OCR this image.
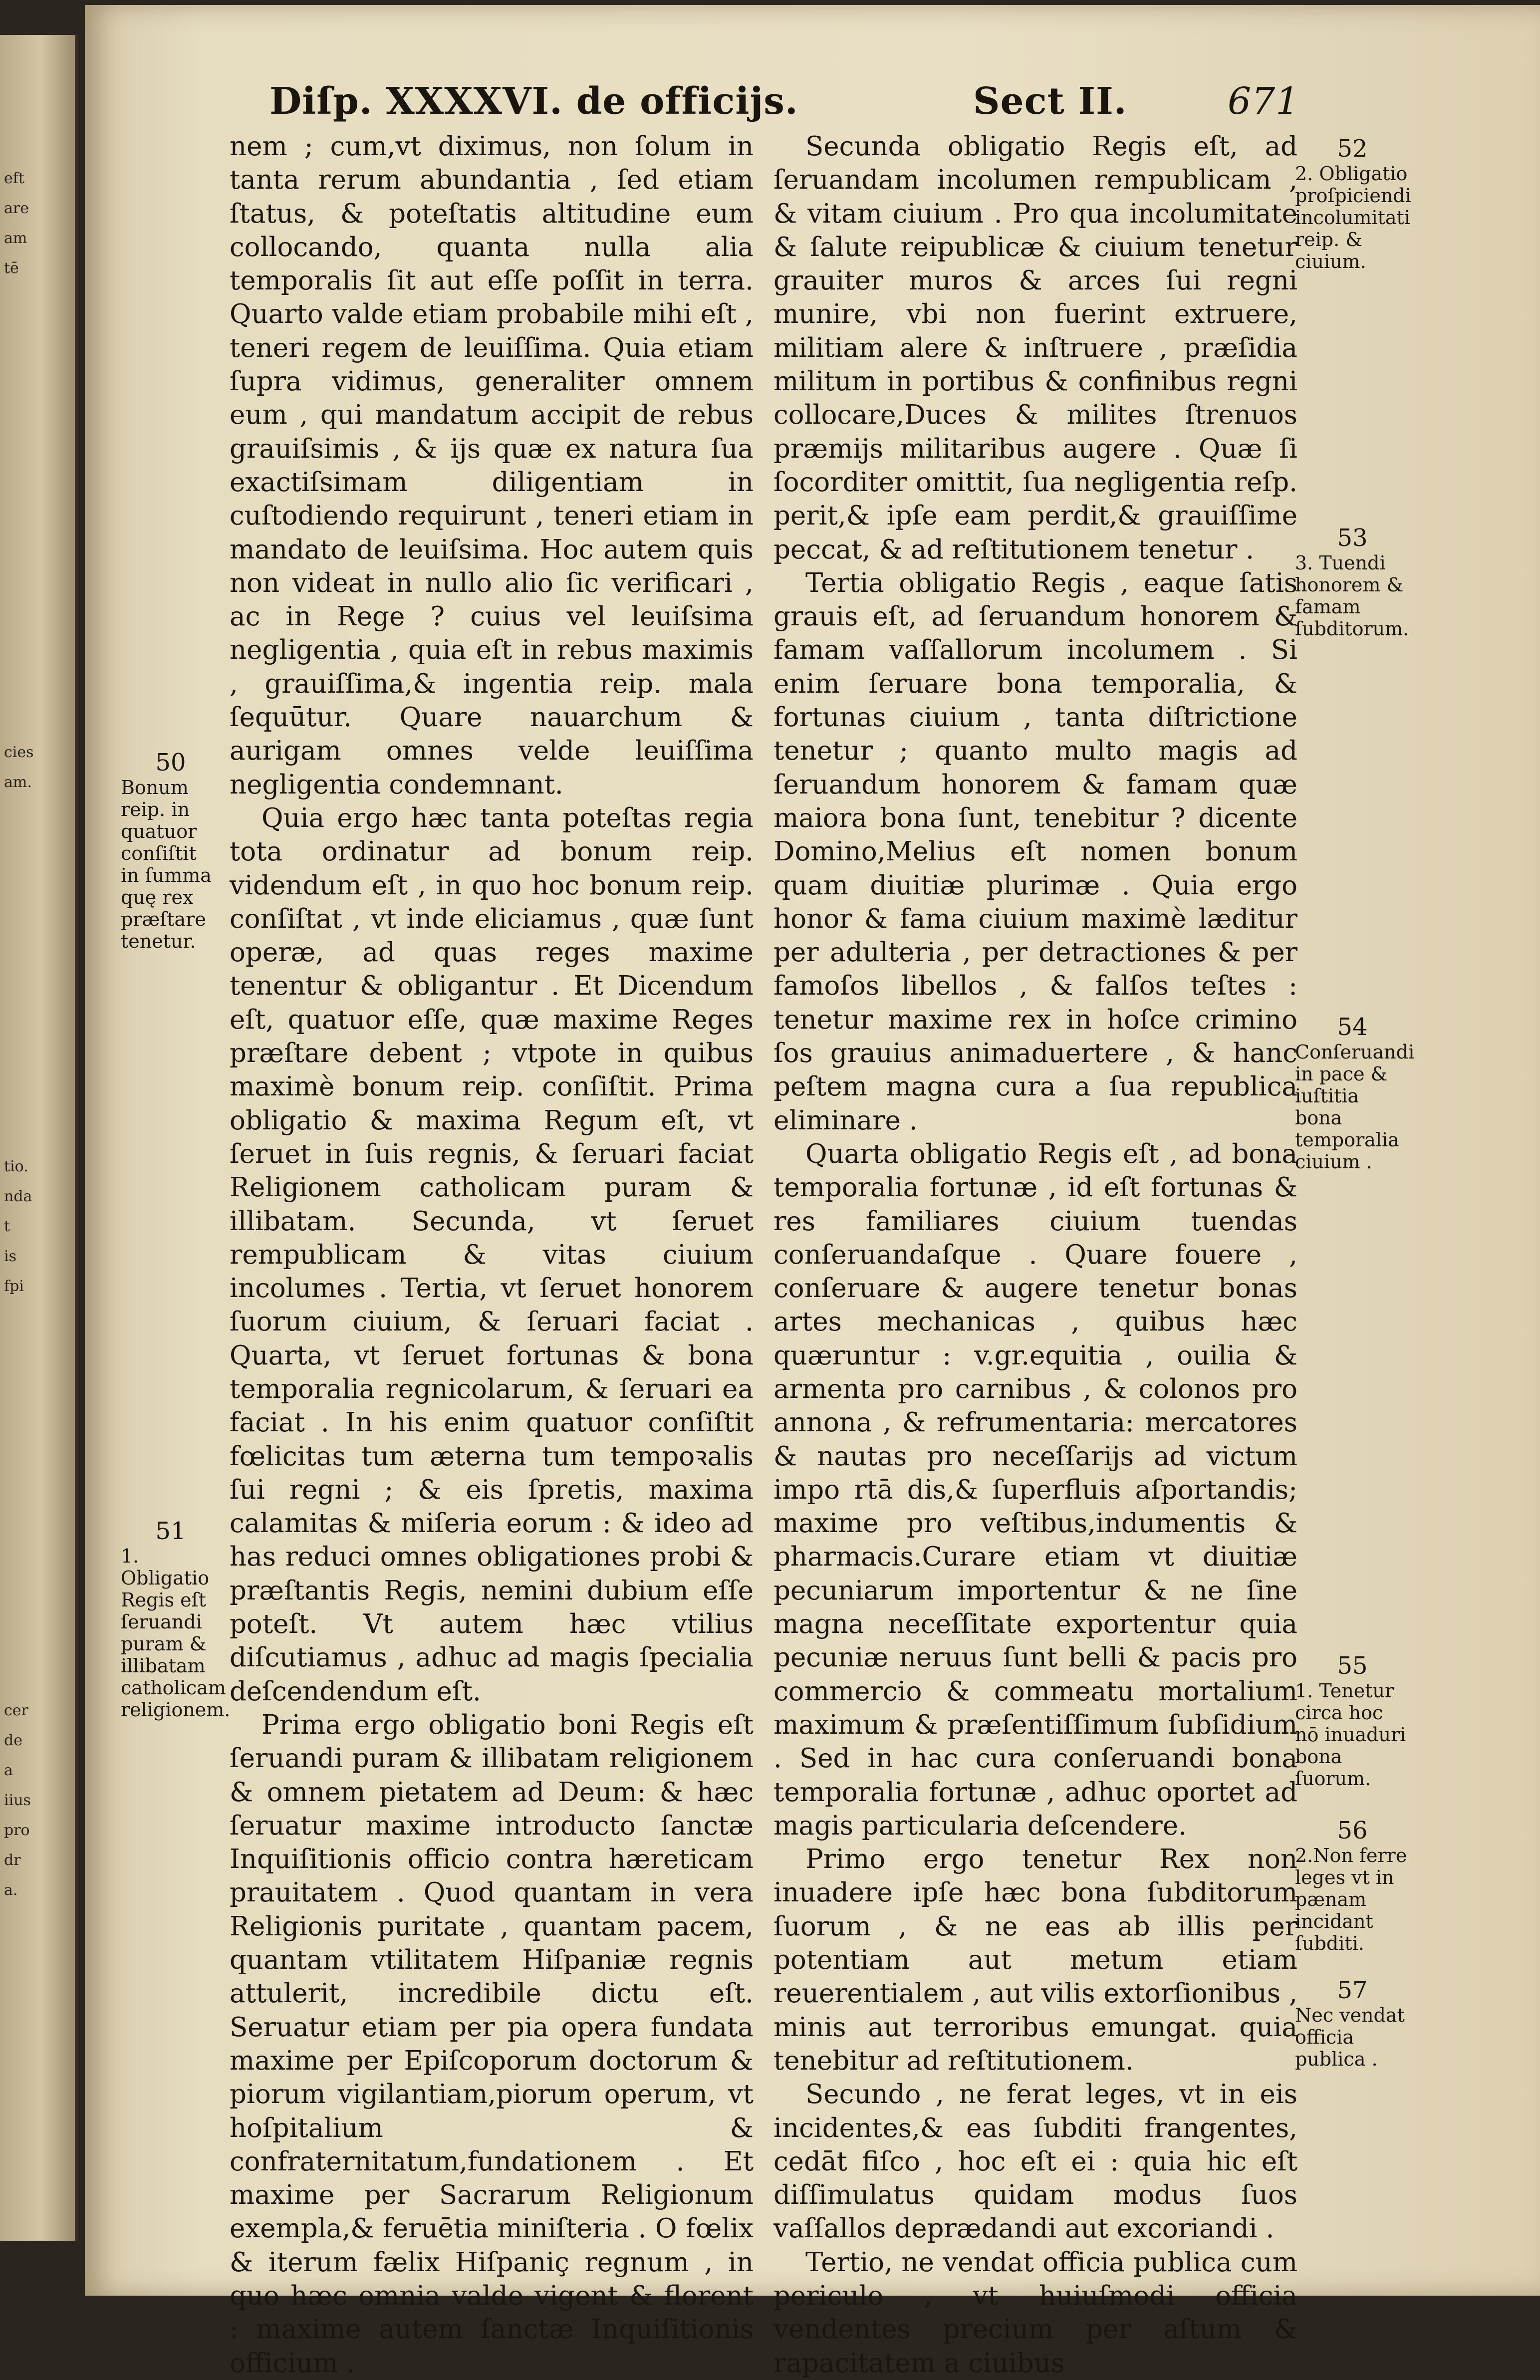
eft
are
am
tē
cies
am.
tio.
nda
t
is
fpi
cer
de
a
iius
pro
dr
a.
Diſp. XXXXVI. de officijs.	Sect II.	671

nem ; cum,vt diximus, non ſolum in tanta rerum abundantia , ſed etiam ſtatus, & poteſtatis altitudine eum collocando, quanta nulla alia temporalis ſit aut eſſe poſſit in terra. Quarto valde etiam probabile mihi eſt , teneri regem de leuiſſima. Quia etiam ſupra vidimus, generaliter omnem eum , qui mandatum accipit de rebus grauiſsimis , & ijs quæ ex natura ſua exactiſsimam diligentiam in cuſtodiendo requirunt , teneri etiam in mandato de leuiſsima. Hoc autem quis non videat in nullo alio ſic verificari , ac in Rege ? cuius vel leuiſsima negligentia , quia eſt in rebus maximis , grauiſſima,& ingentia reip. mala ſequūtur. Quare nauarchum & aurigam omnes velde leuiſſima negligentia condemnant.

Quia ergo hæc tanta poteſtas regia tota ordinatur ad bonum reip. videndum eſt , in quo hoc bonum reip. conſiſtat , vt inde eliciamus , quæ ſunt operæ, ad quas reges maxime tenentur & obligantur . Et Dicendum eſt, quatuor eſſe, quæ maxime Reges præſtare debent ; vtpote in quibus maximè bonum reip. conſiſtit. Prima obligatio & maxima Regum eſt, vt ſeruet in ſuis regnis, & ſeruari faciat Religionem catholicam puram & illibatam. Secunda, vt ſeruet rempublicam & vitas ciuium incolumes . Tertia, vt ſeruet honorem ſuorum ciuium, & ſeruari faciat . Quarta, vt ſeruet fortunas & bona temporalia regnicolarum, & ſeruari ea faciat . In his enim quatuor conſiſtit fœlicitas tum æterna tum tempoꝛalis ſui regni ; & eis ſpretis, maxima calamitas & miſeria eorum : & ideo ad has reduci omnes obligationes probi & præſtantis Regis, nemini dubium eſſe poteſt. Vt autem hæc vtilius diſcutiamus , adhuc ad magis ſpecialia deſcendendum eſt.

Prima ergo obligatio boni Regis eſt ſeruandi puram & illibatam religionem & omnem pietatem ad Deum: & hæc ſeruatur maxime introducto ſanctæ Inquiſitionis officio contra hæreticam prauitatem . Quod quantam in vera Religionis puritate , quantam pacem, quantam vtilitatem Hiſpaniæ regnis attulerit, incredibile dictu eſt. Seruatur etiam per pia opera fundata maxime per Epiſcoporum doctorum & piorum vigilantiam,piorum operum, vt hoſpitalium & confraternitatum,fundationem . Et maxime per Sacrarum Religionum exempla,& feruētia miniſteria . O fœlix & iterum fælix Hiſpaniç regnum , in quo hæc omnia valde vigent & florent : maxime autem ſanctæ Inquiſitionis officium .

Secunda obligatio Regis eſt, ad ſeruandam incolumen rempublicam , & vitam ciuium . Pro qua incolumitate & ſalute reipublicæ & ciuium tenetur grauiter muros & arces ſui regni munire, vbi non fuerint extruere, militiam alere & inſtruere , præſidia militum in portibus & confinibus regni collocare,Duces & milites ſtrenuos præmijs militaribus augere . Quæ ſi ſocorditer omittit, ſua negligentia reſp. perit,& ipſe eam perdit,& grauiſſime peccat, & ad reſtitutionem tenetur .

Tertia obligatio Regis , eaque ſatis grauis eſt, ad ſeruandum honorem & famam vaſſallorum incolumem . Si enim ſeruare bona temporalia, & fortunas ciuium , tanta diſtrictione tenetur ; quanto multo magis ad ſeruandum honorem & famam quæ maiora bona ſunt, tenebitur ? dicente Domino,Melius eſt nomen bonum quam diuitiæ plurimæ . Quia ergo honor & fama ciuium maximè læditur per adulteria , per detractiones & per famoſos libellos , & falſos teſtes : tenetur maxime rex in hoſce crimino ſos grauius animaduertere , & hanc peſtem magna cura a ſua republica eliminare .

Quarta obligatio Regis eſt , ad bona temporalia fortunæ , id eſt fortunas & res familiares ciuium tuendas conſeruandaſque . Quare fouere , conſeruare & augere tenetur bonas artes mechanicas , quibus hæc quæruntur : v.gr.equitia , ouilia & armenta pro carnibus , & colonos pro annona , & refrumentaria: mercatores & nautas pro neceſſarijs ad victum impo rtā dis,& ſuperfluis aſportandis; maxime pro veſtibus,indumentis & pharmacis.Curare etiam vt diuitiæ pecuniarum importentur & ne ſine magna neceſſitate exportentur quia pecuniæ neruus ſunt belli & pacis pro commercio & commeatu mortalium maximum & præſentiſſimum ſubſidium . Sed in hac cura conſeruandi bona temporalia fortunæ , adhuc oportet ad magis particularia deſcendere.

Primo ergo tenetur Rex non inuadere ipſe hæc bona ſubditorum ſuorum , & ne eas ab illis per potentiam aut metum etiam reuerentialem , aut vilis extorſionibus , minis aut terroribus emungat. quia tenebitur ad reſtitutionem.

Secundo , ne ferat leges, vt in eis incidentes,& eas ſubditi frangentes, cedāt fiſco , hoc eſt ei : quia hic eſt diſſimulatus quidam modus ſuos vaſſallos deprædandi aut excoriandi .

Tertio, ne vendat officia publica cum periculo , vt huiuſmodi officia vendentes precium per aſtum & rapacitatem a ciuibus

50
Bonum reip. in quatuor conſiſtit in ſumma quę rex præſtare tenetur.
51
1. Obligatio Regis eſt ſeruandi puram & illibatam catholicam religionem.
52
2. Obligatio proſpiciendi incolumitati reip. & ciuium.
53
3. Tuendi honorem & famam ſubditorum.
54
Conſeruandi in pace & iuſtitia bona temporalia ciuium .
55
1. Tenetur circa hoc nō inuaduri bona ſuorum.
56
2.Non ferre leges vt in pænam incidant ſubditi.
57
Nec vendat officia publica .
